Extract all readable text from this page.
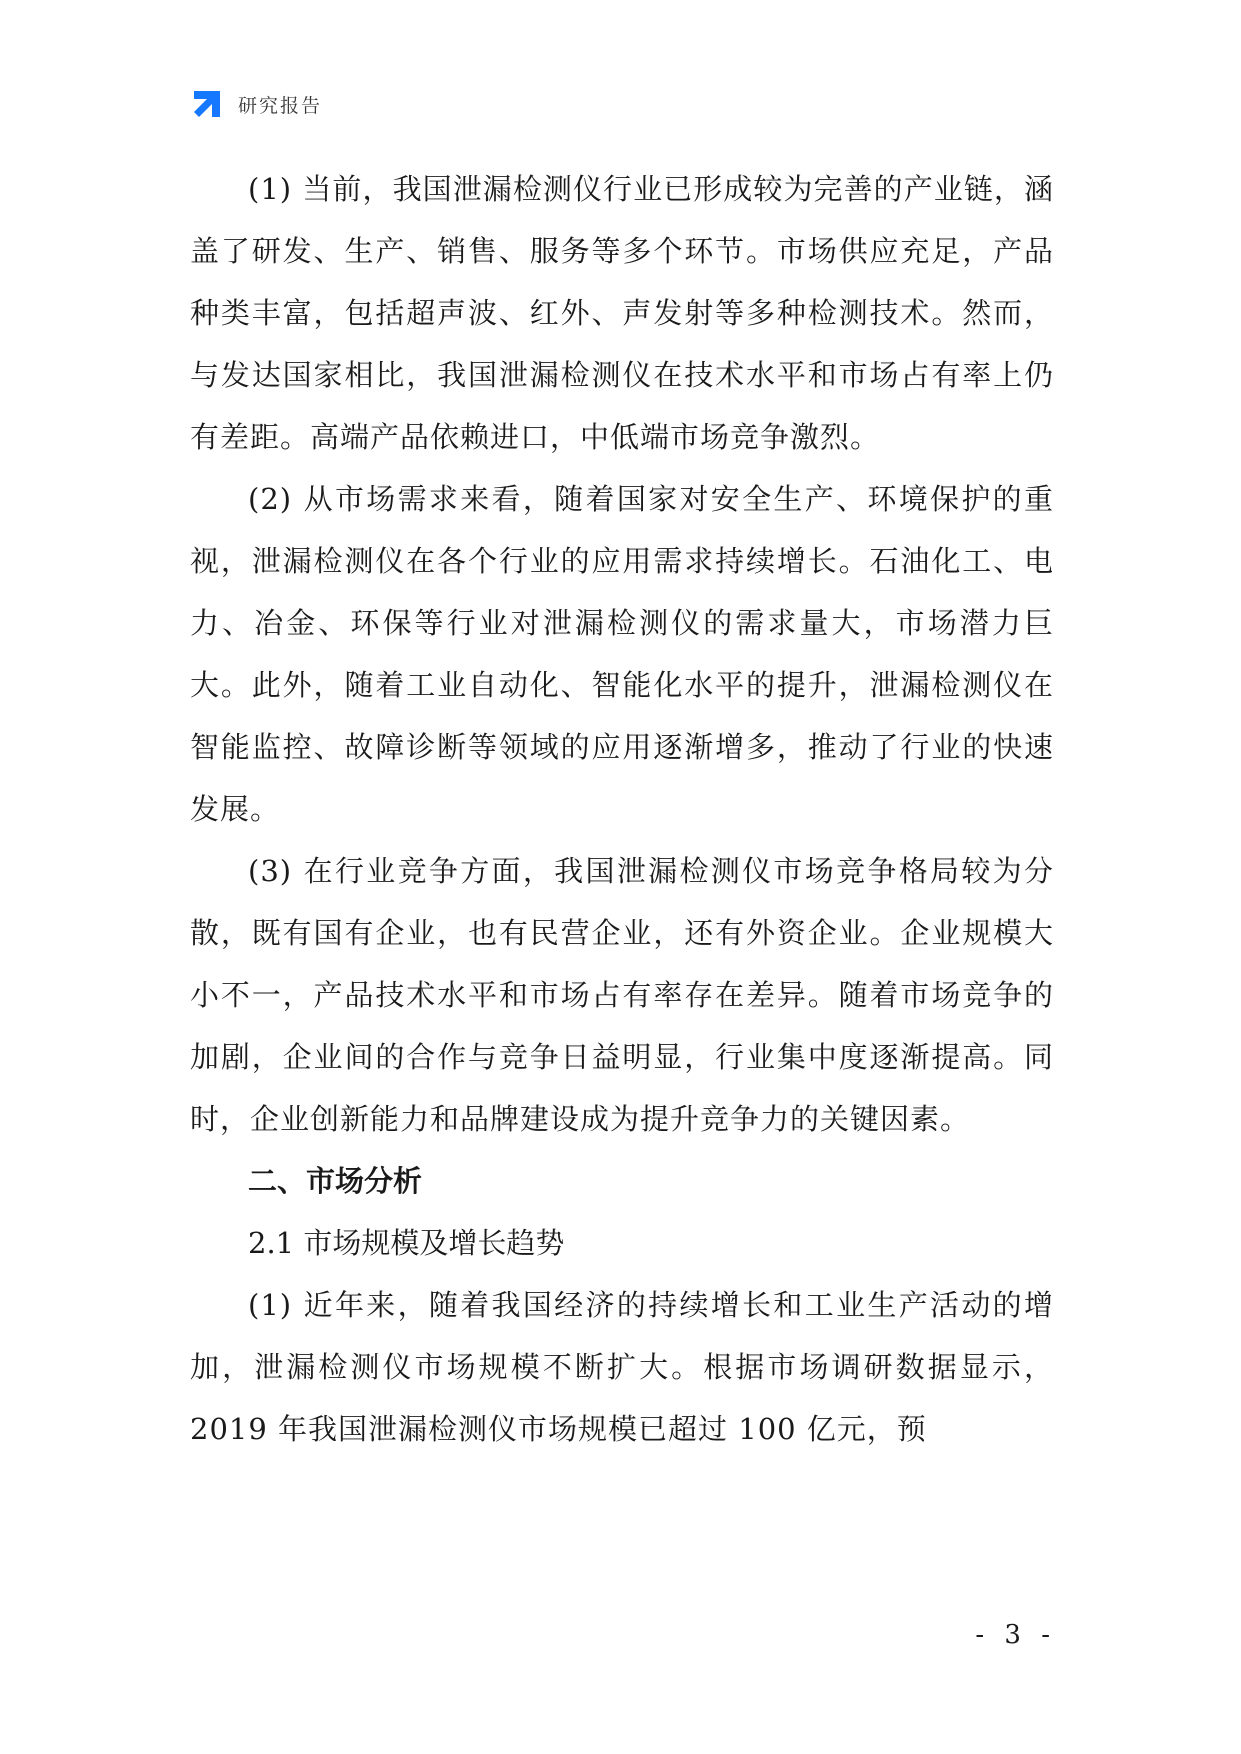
研究报告

(1) 当前，我国泄漏检测仪行业已形成较为完善的产业链，涵盖了研发、生产、销售、服务等多个环节。市场供应充足，产品种类丰富，包括超声波、红外、声发射等多种检测技术。然而，与发达国家相比，我国泄漏检测仪在技术水平和市场占有率上仍有差距。高端产品依赖进口，中低端市场竞争激烈。

(2) 从市场需求来看，随着国家对安全生产、环境保护的重视，泄漏检测仪在各个行业的应用需求持续增长。石油化工、电力、冶金、环保等行业对泄漏检测仪的需求量大，市场潜力巨大。此外，随着工业自动化、智能化水平的提升，泄漏检测仪在智能监控、故障诊断等领域的应用逐渐增多，推动了行业的快速发展。

(3) 在行业竞争方面，我国泄漏检测仪市场竞争格局较为分散，既有国有企业，也有民营企业，还有外资企业。企业规模大小不一，产品技术水平和市场占有率存在差异。随着市场竞争的加剧，企业间的合作与竞争日益明显，行业集中度逐渐提高。同时，企业创新能力和品牌建设成为提升竞争力的关键因素。

二、市场分析

2.1 市场规模及增长趋势

(1) 近年来，随着我国经济的持续增长和工业生产活动的增加，泄漏检测仪市场规模不断扩大。根据市场调研数据显示，2019 年我国泄漏检测仪市场规模已超过 100 亿元，预

- 3 -
